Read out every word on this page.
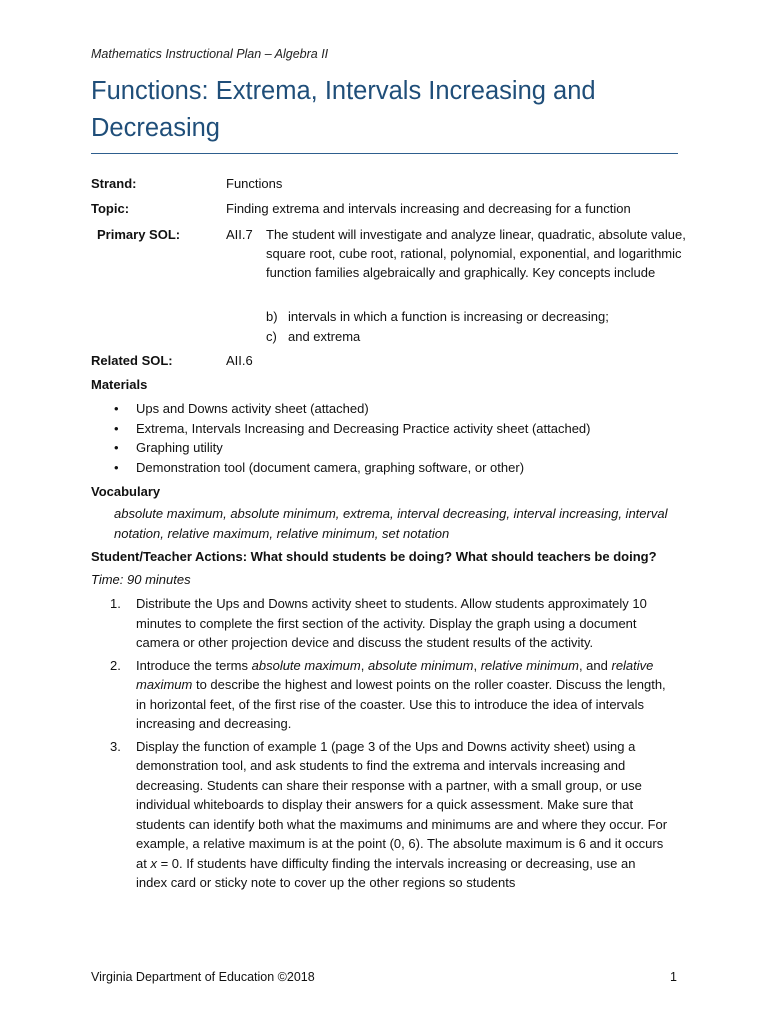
Mathematics Instructional Plan – Algebra II
Functions: Extrema, Intervals Increasing and Decreasing
Strand:	Functions
Topic:	Finding extrema and intervals increasing and decreasing for a function
Primary SOL:	AII.7 The student will investigate and analyze linear, quadratic, absolute value, square root, cube root, rational, polynomial, exponential, and logarithmic function families algebraically and graphically. Key concepts include
b) intervals in which a function is increasing or decreasing;
c) and extrema
Related SOL:	AII.6
Materials
• Ups and Downs activity sheet (attached)
• Extrema, Intervals Increasing and Decreasing Practice activity sheet (attached)
• Graphing utility
• Demonstration tool (document camera, graphing software, or other)
Vocabulary
absolute maximum, absolute minimum, extrema, interval decreasing, interval increasing, interval notation, relative maximum, relative minimum, set notation
Student/Teacher Actions: What should students be doing? What should teachers be doing?
Time: 90 minutes
1. Distribute the Ups and Downs activity sheet to students. Allow students approximately 10 minutes to complete the first section of the activity. Display the graph using a document camera or other projection device and discuss the student results of the activity.
2. Introduce the terms absolute maximum, absolute minimum, relative minimum, and relative maximum to describe the highest and lowest points on the roller coaster. Discuss the length, in horizontal feet, of the first rise of the coaster. Use this to introduce the idea of intervals increasing and decreasing.
3. Display the function of example 1 (page 3 of the Ups and Downs activity sheet) using a demonstration tool, and ask students to find the extrema and intervals increasing and decreasing. Students can share their response with a partner, with a small group, or use individual whiteboards to display their answers for a quick assessment. Make sure that students can identify both what the maximums and minimums are and where they occur. For example, a relative maximum is at the point (0, 6). The absolute maximum is 6 and it occurs at x = 0. If students have difficulty finding the intervals increasing or decreasing, use an index card or sticky note to cover up the other regions so students
Virginia Department of Education ©2018	1
